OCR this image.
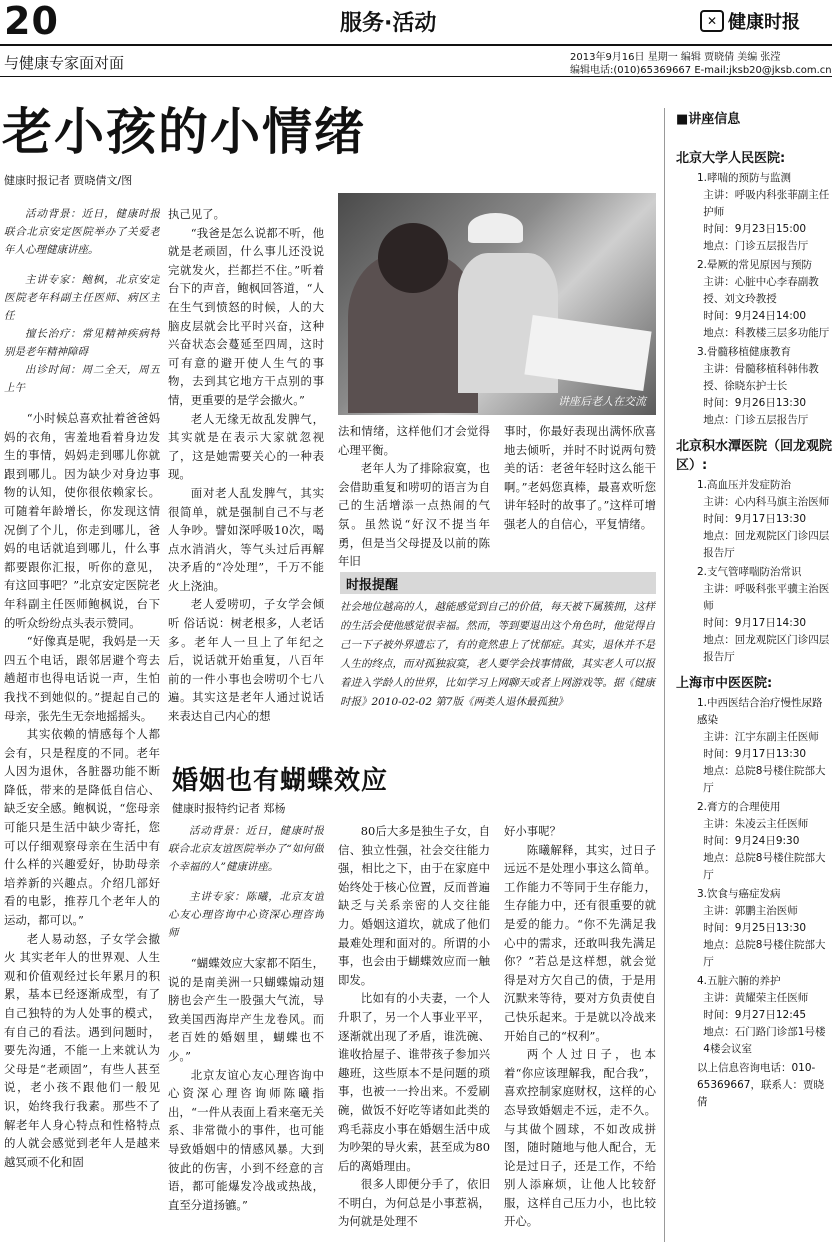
20	服务·活动	✕ 健康时报
与健康专家面对面	2013年9月16日 星期一 编辑 贾晓倩 美编 张滢
编辑电话:(010)65369667 E-mail:jksb20@jksb.com.cn
老小孩的小情绪
健康时报记者 贾晓倩文/图

活动背景：近日，健康时报联合北京安定医院举办了关爱老年人心理健康讲座。

主讲专家：鲍枫，北京安定医院老年科副主任医师、病区主任

擅长治疗：常见精神疾病特别是老年精神障碍

出诊时间：周二全天，周五上午

“小时候总喜欢扯着爸爸妈妈的衣角，害羞地看着身边发生的事情，妈妈走到哪儿你就跟到哪儿。因为缺少对身边事物的认知，使你很依赖家长。可随着年龄增长，你发现这情况倒了个儿，你走到哪儿，爸妈的电话就追到哪儿，什么事都要跟你汇报，听你的意见，有这回事吧？”北京安定医院老年科副主任医师鲍枫说，台下的听众纷纷点头表示赞同。

“好像真是呢，我妈是一天四五个电话，跟邻居避个弯去趟超市也得电话说一声，生怕我找不到她似的。”提起自己的母亲，张先生无奈地摇摇头。

其实依赖的情感每个人都会有，只是程度的不同。老年人因为退休，各脏器功能不断降低，带来的是降低自信心、缺乏安全感。鲍枫说，“您母亲可能只是生活中缺少寄托，您可以仔细观察母亲在生活中有什么样的兴趣爱好，协助母亲培养新的兴趣点。介绍几部好看的电影，推荐几个老年人的运动，都可以。”

老人易动怒，子女学会撤火 其实老年人的世界观、人生观和价值观经过长年累月的积累，基本已经逐渐成型，有了自己独特的为人处事的模式，有自己的看法。遇到问题时，要先沟通，不能一上来就认为父母是“老顽固”，有些人甚至说，老小孩不跟他们一般见识，始终我行我素。那些不了解老年人身心特点和性格特点的人就会感觉到老年人是越来越冥顽不化和固

执己见了。

“我爸是怎么说都不听，他就是老顽固，什么事儿还没说完就发火，拦都拦不住。”听着台下的声音，鲍枫回答道，“人在生气到愤怒的时候，人的大脑皮层就会比平时兴奋，这种兴奋状态会蔓延至四周，这时可有意的避开使人生气的事物，去到其它地方干点别的事情，更重要的是学会撤火。”

老人无缘无故乱发脾气，其实就是在表示大家就忽视了，这是她需要关心的一种表现。

面对老人乱发脾气，其实很简单，就是强制自己不与老人争吵。譬如深呼吸10次，喝点水消消火，等气头过后再解决矛盾的“冷处理”，千万不能火上浇油。

老人爱唠叨，子女学会倾听 俗话说：树老根多，人老话多。老年人一旦上了年纪之后，说话就开始重复，八百年前的一件小事也会唠叨个七八遍。其实这是老年人通过说话来表达自己内心的想

讲座后老人在交流

法和情绪，这样他们才会觉得心理平衡。

老年人为了排除寂寞，也会借助重复和唠叨的语言为自己的生活增添一点热闹的气氛。虽然说“好汉不提当年勇，但是当父母提及以前的陈年旧

事时，你最好表现出满怀欣喜地去倾听，并时不时说两句赞美的话：老爸年轻时这么能干啊。”老妈您真棒，最喜欢听您讲年轻时的故事了。”这样可增强老人的自信心，平复情绪。

时报提醒
社会地位越高的人，越能感觉到自己的价值，每天被下属簇拥，这样的生活会使他感觉很幸福。然而，等到要退出这个角色时，他觉得自己一下子被外界遗忘了，有的竟然患上了忧郁症。其实，退休并不是人生的终点，而对孤独寂寞，老人要学会找事情做，其实老人可以报着进入学龄人的世界，比如学习上网聊天或者上网游戏等。据《健康时报》2010-02-02 第7版《两类人退休最孤独》
婚姻也有蝴蝶效应
健康时报特约记者 郑杨

活动背景：近日，健康时报联合北京友谊医院举办了“如何做个幸福的人”健康讲座。

主讲专家：陈曦，北京友谊心友心理咨询中心资深心理咨询师

“蝴蝶效应大家都不陌生，说的是南美洲一只蝴蝶煽动翅膀也会产生一股强大气流，导致美国西海岸产生龙卷风。而老百姓的婚姻里，蝴蝶也不少。”

北京友谊心友心理咨询中心资深心理咨询师陈曦指出，“一件从表面上看来毫无关系、非常微小的事件，也可能导致婚姻中的情感风暴。大到彼此的伤害，小到不经意的言语，都可能爆发冷战或热战，直至分道扬镳。”

80后大多是独生子女，自信、独立性强，社会交往能力强，相比之下，由于在家庭中始终处于核心位置，反而普遍缺乏与关系亲密的人交往能力。婚姻这道坎，就成了他们最难处理和面对的。所谓的小事，也会由于蝴蝶效应而一触即发。

比如有的小夫妻，一个人升职了，另一个人事业平平，逐渐就出现了矛盾，谁洗碗、谁收拾屋子、谁带孩子参加兴趣班，这些原本不是问题的琐事，也被一一拎出来。不爱刷碗，做饭不好吃等诸如此类的鸡毛蒜皮小事在婚姻生活中成为吵架的导火索，甚至成为80后的离婚理由。

很多人即便分手了，依旧不明白，为何总是小事惹祸，为何就是处理不

好小事呢？

陈曦解释，其实，过日子远远不是处理小事这么简单。工作能力不等同于生存能力，生存能力中，还有很重要的就是爱的能力。“你不先满足我心中的需求，还敢叫我先满足你？”若总是这样想，就会觉得是对方欠自己的债，于是用沉默来等待，要对方负责使自己快乐起来。于是就以冷战来开始自己的“权利”。

两个人过日子，也本着“你应该理解我，配合我”，喜欢控制家庭财权，这样的心态导致婚姻走不远，走不久。与其做个圆球，不如改成拼图，随时随地与他人配合，无论是过日子，还是工作，不给别人添麻烦，让他人比较舒服，这样自己压力小，也比较开心。

■讲座信息
北京大学人民医院:
1.哮喘的预防与监测
主讲：呼吸内科张菲副主任护师
时间：9月23日15:00
地点：门诊五层报告厅
2.晕厥的常见原因与预防
主讲：心脏中心李春副教授、刘文玲教授
时间：9月24日14:00
地点：科教楼三层多功能厅
3.骨髓移植健康教育
主讲：骨髓移植科韩伟教授、徐晓东护士长
时间：9月26日13:30
地点：门诊五层报告厅
北京积水潭医院（回龙观院区）:
1.高血压并发症防治
主讲：心内科马旗主治医师
时间：9月17日13:30
地点：回龙观院区门诊四层报告厅
2.支气管哮喘防治常识
主讲：呼吸科张平骥主治医师
时间：9月17日14:30
地点：回龙观院区门诊四层报告厅
上海市中医医院:
1.中西医结合治疗慢性尿路感染
主讲：江宇东副主任医师
时间：9月17日13:30
地点：总院8号楼住院部大厅
2.膏方的合理使用
主讲：朱凌云主任医师
时间：9月24日9:30
地点：总院8号楼住院部大厅
3.饮食与癌症发病
主讲：郭鹏主治医师
时间：9月25日13:30
地点：总院8号楼住院部大厅
4.五脏六腑的养护
主讲：黄耀荣主任医师
时间：9月27日12:45
地点：石门路门诊部1号楼4楼会议室
以上信息咨询电话：010-65369667，联系人：贾晓倩
